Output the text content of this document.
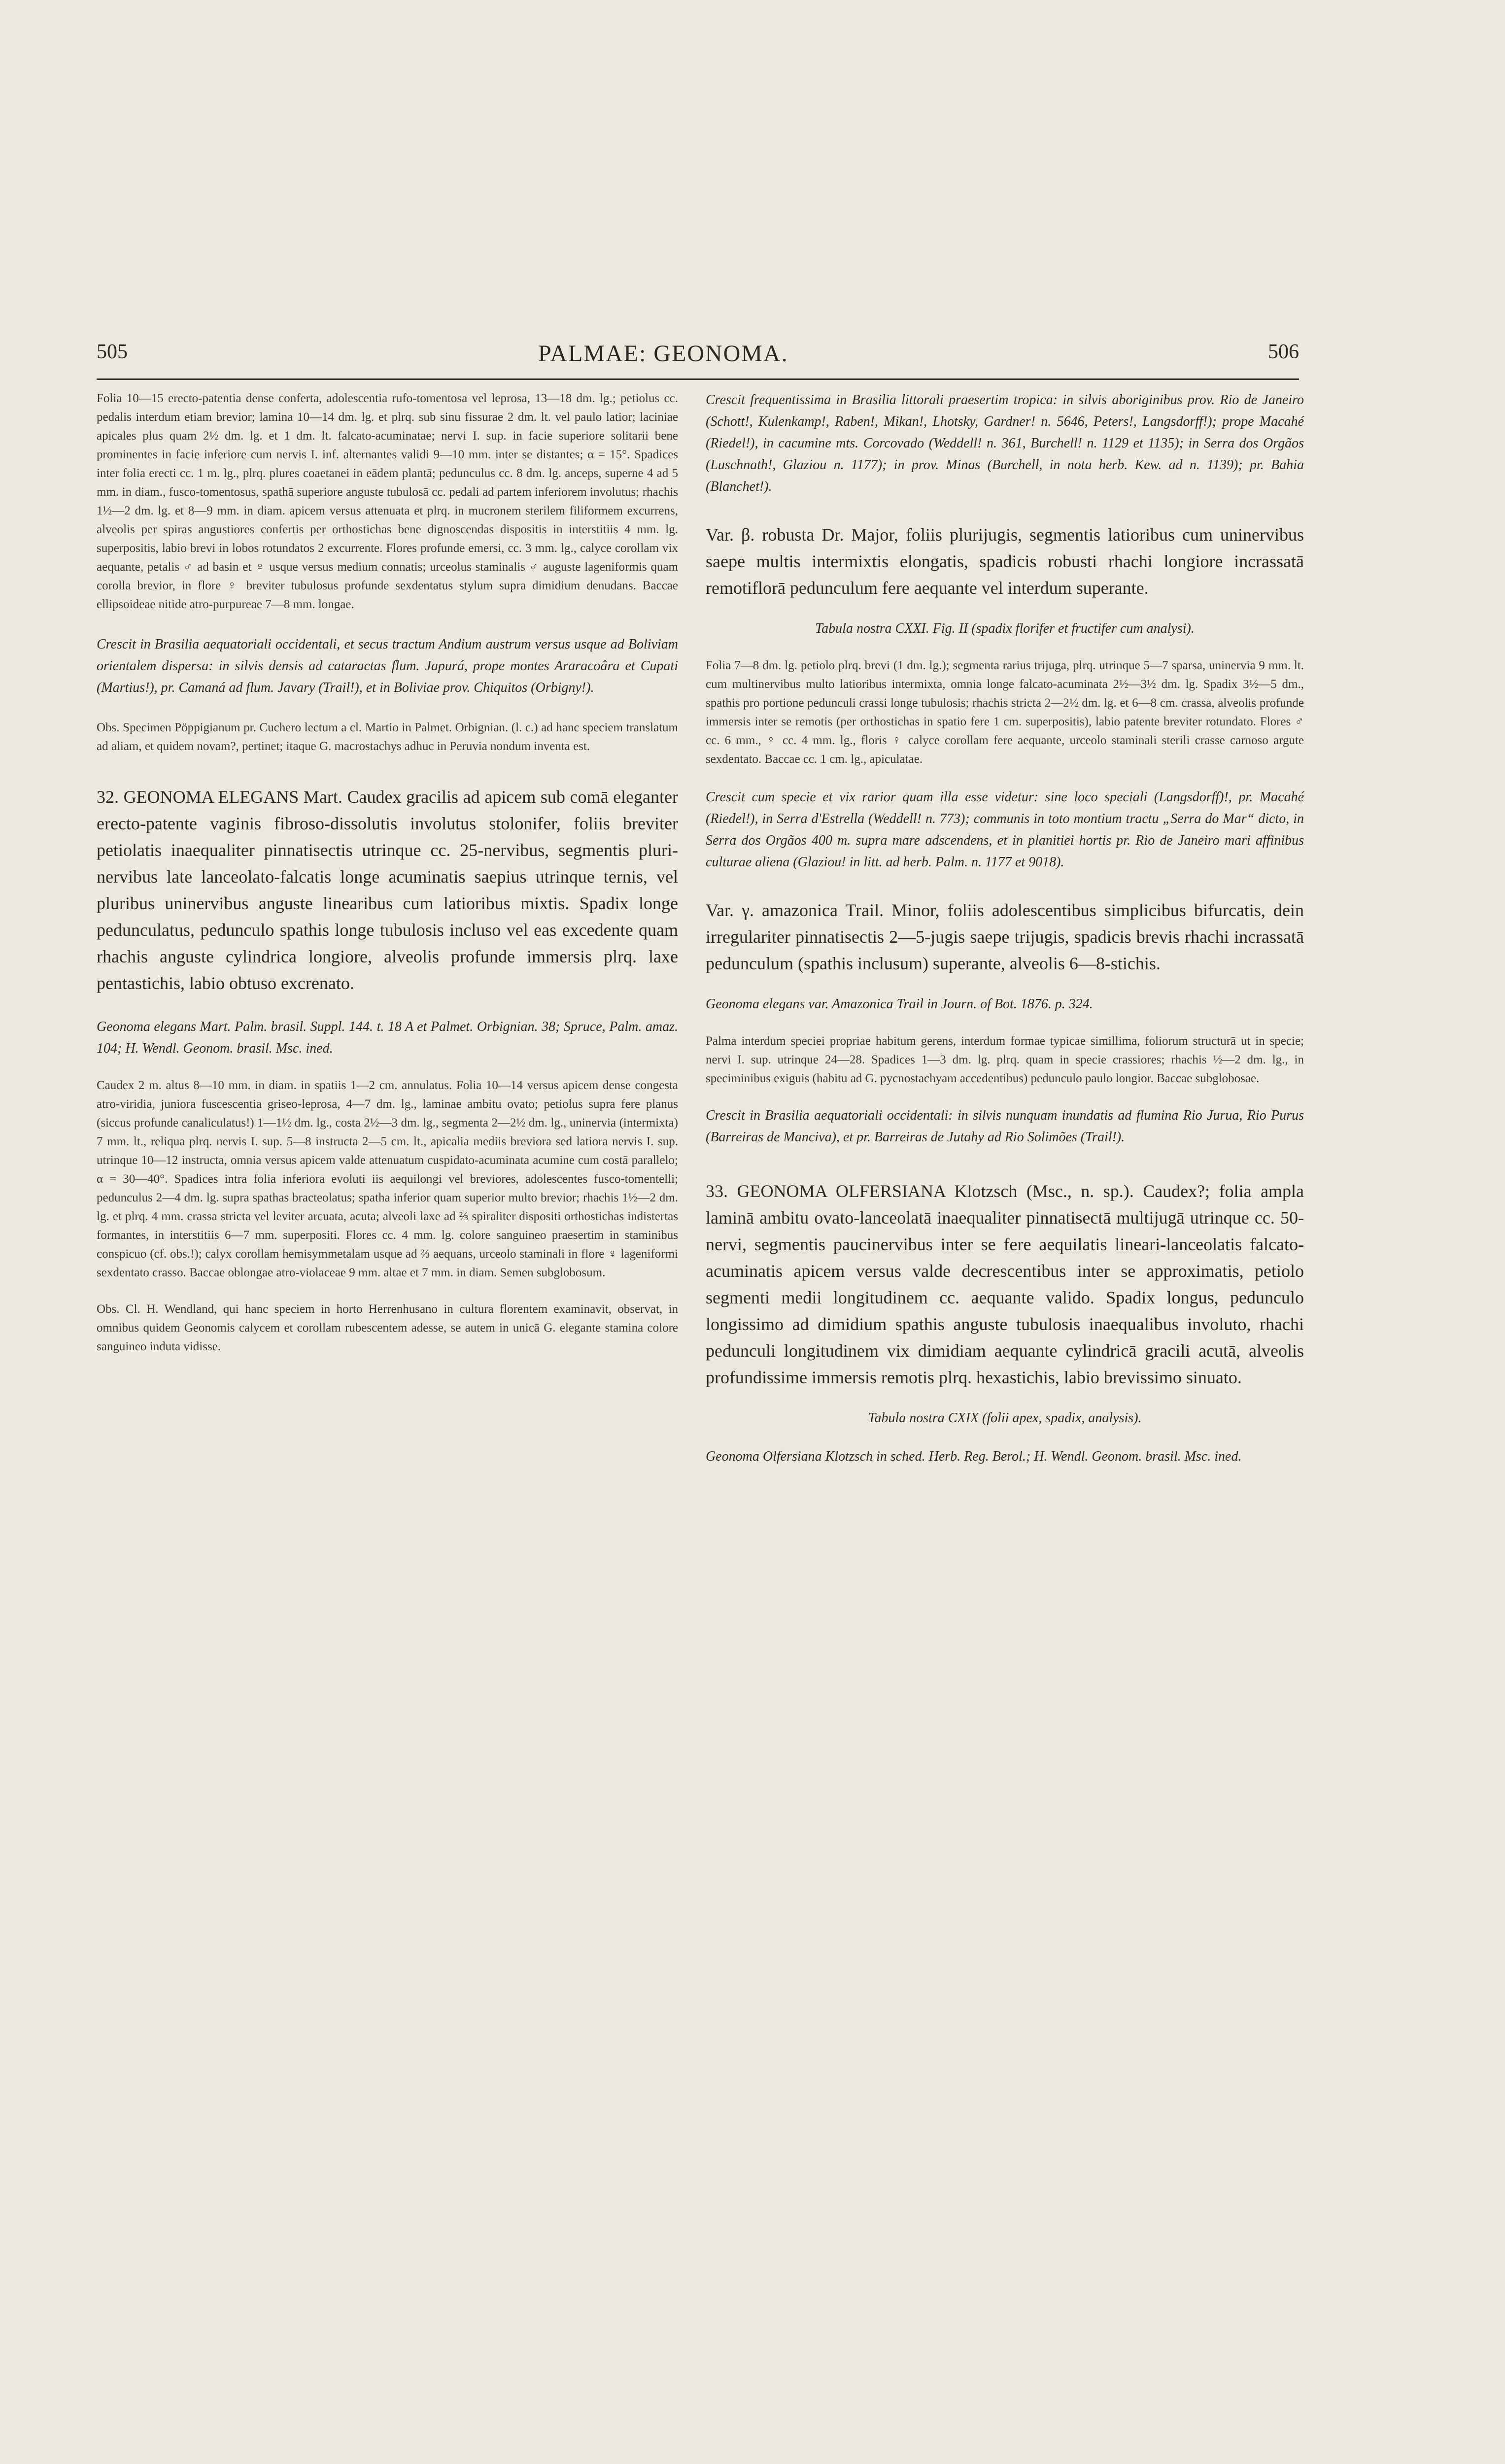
505	PALMAE: GEONOMA.	506

Folia 10—15 erecto-patentia dense conferta, adolescentia rufo-tomentosa vel leprosa, 13—18 dm. lg.; petiolus cc. pedalis interdum etiam brevior; lamina 10—14 dm. lg. et plrq. sub sinu fissurae 2 dm. lt. vel paulo latior; laciniae apicales plus quam 2½ dm. lg. et 1 dm. lt. falcato-acuminatae; nervi I. sup. in facie superiore solitarii bene prominentes in facie inferiore cum nervis I. inf. alternantes validi 9—10 mm. inter se distantes; α = 15°. Spadices inter folia erecti cc. 1 m. lg., plrq. plures coaetanei in eādem plantā; pedunculus cc. 8 dm. lg. anceps, superne 4 ad 5 mm. in diam., fusco-tomentosus, spathā superiore anguste tubulosā cc. pedali ad partem inferiorem involutus; rhachis 1½—2 dm. lg. et 8—9 mm. in diam. apicem versus attenuata et plrq. in mucronem sterilem filiformem excurrens, alveolis per spiras angustiores confertis per orthostichas bene dignoscendas dispositis in interstitiis 4 mm. lg. superpositis, labio brevi in lobos rotundatos 2 excurrente. Flores profunde emersi, cc. 3 mm. lg., calyce corollam vix aequante, petalis ♂ ad basin et ♀ usque versus medium connatis; urceolus staminalis ♂ auguste lageniformis quam corolla brevior, in flore ♀ breviter tubulosus profunde sexdentatus stylum supra dimidium denudans. Baccae ellipsoideae nitide atro-purpureae 7—8 mm. longae.

Crescit in Brasilia aequatoriali occidentali, et secus tractum Andium austrum versus usque ad Boliviam orientalem dispersa: in silvis densis ad cataractas flum. Japurá, prope montes Araracoâra et Cupati (Martius!), pr. Camaná ad flum. Javary (Trail!), et in Boliviae prov. Chiquitos (Orbigny!).

Obs. Specimen Pöppigianum pr. Cuchero lectum a cl. Martio in Palmet. Orbignian. (l. c.) ad hanc speciem translatum ad aliam, et quidem novam?, pertinet; itaque G. macrostachys adhuc in Peruvia nondum inventa est.

32. GEONOMA ELEGANS Mart. Caudex gracilis ad apicem sub comā eleganter erecto-patente vaginis fibroso-dissolutis involutus stolonifer, foliis breviter petiolatis inaequaliter pinnatisectis utrinque cc. 25-nervibus, segmentis pluri-nervibus late lanceolato-falcatis longe acuminatis saepius utrinque ternis, vel pluribus uninervibus anguste linearibus cum latioribus mixtis. Spadix longe pedunculatus, pedunculo spathis longe tubulosis incluso vel eas excedente quam rhachis anguste cylindrica longiore, alveolis profunde immersis plrq. laxe pentastichis, labio obtuso excrenato.

Geonoma elegans Mart. Palm. brasil. Suppl. 144. t. 18 A et Palmet. Orbignian. 38; Spruce, Palm. amaz. 104; H. Wendl. Geonom. brasil. Msc. ined.

Caudex 2 m. altus 8—10 mm. in diam. in spatiis 1—2 cm. annulatus. Folia 10—14 versus apicem dense congesta atro-viridia, juniora fuscescentia griseo-leprosa, 4—7 dm. lg., laminae ambitu ovato; petiolus supra fere planus (siccus profunde canaliculatus!) 1—1½ dm. lg., costa 2½—3 dm. lg., segmenta 2—2½ dm. lg., uninervia (intermixta) 7 mm. lt., reliqua plrq. nervis I. sup. 5—8 instructa 2—5 cm. lt., apicalia mediis breviora sed latiora nervis I. sup. utrinque 10—12 instructa, omnia versus apicem valde attenuatum cuspidato-acuminata acumine cum costā parallelo; α = 30—40°. Spadices intra folia inferiora evoluti iis aequilongi vel breviores, adolescentes fusco-tomentelli; pedunculus 2—4 dm. lg. supra spathas bracteolatus; spatha inferior quam superior multo brevior; rhachis 1½—2 dm. lg. et plrq. 4 mm. crassa stricta vel leviter arcuata, acuta; alveoli laxe ad ⅔ spiraliter dispositi orthostichas indistertas formantes, in interstitiis 6—7 mm. superpositi. Flores cc. 4 mm. lg. colore sanguineo praesertim in staminibus conspicuo (cf. obs.!); calyx corollam hemisymmetalam usque ad ⅔ aequans, urceolo staminali in flore ♀ lageniformi sexdentato crasso. Baccae oblongae atro-violaceae 9 mm. altae et 7 mm. in diam. Semen subglobosum.

Obs. Cl. H. Wendland, qui hanc speciem in horto Herrenhusano in cultura florentem examinavit, observat, in omnibus quidem Geonomis calycem et corollam rubescentem adesse, se autem in unicā G. elegante stamina colore sanguineo induta vidisse.

Crescit frequentissima in Brasilia littorali praesertim tropica: in silvis aboriginibus prov. Rio de Janeiro (Schott!, Kulenkamp!, Raben!, Mikan!, Lhotsky, Gardner! n. 5646, Peters!, Langsdorff!); prope Macahé (Riedel!), in cacumine mts. Corcovado (Weddell! n. 361, Burchell! n. 1129 et 1135); in Serra dos Orgãos (Luschnath!, Glaziou n. 1177); in prov. Minas (Burchell, in nota herb. Kew. ad n. 1139); pr. Bahia (Blanchet!).

Var. β. robusta Dr. Major, foliis plurijugis, segmentis latioribus cum uninervibus saepe multis intermixtis elongatis, spadicis robusti rhachi longiore incrassatā remotiflorā pedunculum fere aequante vel interdum superante.

Tabula nostra CXXI. Fig. II (spadix florifer et fructifer cum analysi).

Folia 7—8 dm. lg. petiolo plrq. brevi (1 dm. lg.); segmenta rarius trijuga, plrq. utrinque 5—7 sparsa, uninervia 9 mm. lt. cum multinervibus multo latioribus intermixta, omnia longe falcato-acuminata 2½—3½ dm. lg. Spadix 3½—5 dm., spathis pro portione pedunculi crassi longe tubulosis; rhachis stricta 2—2½ dm. lg. et 6—8 cm. crassa, alveolis profunde immersis inter se remotis (per orthostichas in spatio fere 1 cm. superpositis), labio patente breviter rotundato. Flores ♂ cc. 6 mm., ♀ cc. 4 mm. lg., floris ♀ calyce corollam fere aequante, urceolo staminali sterili crasse carnoso argute sexdentato. Baccae cc. 1 cm. lg., apiculatae.

Crescit cum specie et vix rarior quam illa esse videtur: sine loco speciali (Langsdorff)!, pr. Macahé (Riedel!), in Serra d'Estrella (Weddell! n. 773); communis in toto montium tractu „Serra do Mar“ dicto, in Serra dos Orgãos 400 m. supra mare adscendens, et in planitiei hortis pr. Rio de Janeiro mari affinibus culturae aliena (Glaziou! in litt. ad herb. Palm. n. 1177 et 9018).

Var. γ. amazonica Trail. Minor, foliis adolescentibus simplicibus bifurcatis, dein irregulariter pinnatisectis 2—5-jugis saepe trijugis, spadicis brevis rhachi incrassatā pedunculum (spathis inclusum) superante, alveolis 6—8-stichis.

Geonoma elegans var. Amazonica Trail in Journ. of Bot. 1876. p. 324.

Palma interdum speciei propriae habitum gerens, interdum formae typicae simillima, foliorum structurā ut in specie; nervi I. sup. utrinque 24—28. Spadices 1—3 dm. lg. plrq. quam in specie crassiores; rhachis ½—2 dm. lg., in speciminibus exiguis (habitu ad G. pycnostachyam accedentibus) pedunculo paulo longior. Baccae subglobosae.

Crescit in Brasilia aequatoriali occidentali: in silvis nunquam inundatis ad flumina Rio Jurua, Rio Purus (Barreiras de Manciva), et pr. Barreiras de Jutahy ad Rio Solimões (Trail!).

33. GEONOMA OLFERSIANA Klotzsch (Msc., n. sp.). Caudex?; folia ampla laminā ambitu ovato-lanceolatā inaequaliter pinnatisectā multijugā utrinque cc. 50-nervi, segmentis paucinervibus inter se fere aequilatis lineari-lanceolatis falcato-acuminatis apicem versus valde decrescentibus inter se approximatis, petiolo segmenti medii longitudinem cc. aequante valido. Spadix longus, pedunculo longissimo ad dimidium spathis anguste tubulosis inaequalibus involuto, rhachi pedunculi longitudinem vix dimidiam aequante cylindricā gracili acutā, alveolis profundissime immersis remotis plrq. hexastichis, labio brevissimo sinuato.

Tabula nostra CXIX (folii apex, spadix, analysis).

Geonoma Olfersiana Klotzsch in sched. Herb. Reg. Berol.; H. Wendl. Geonom. brasil. Msc. ined.
